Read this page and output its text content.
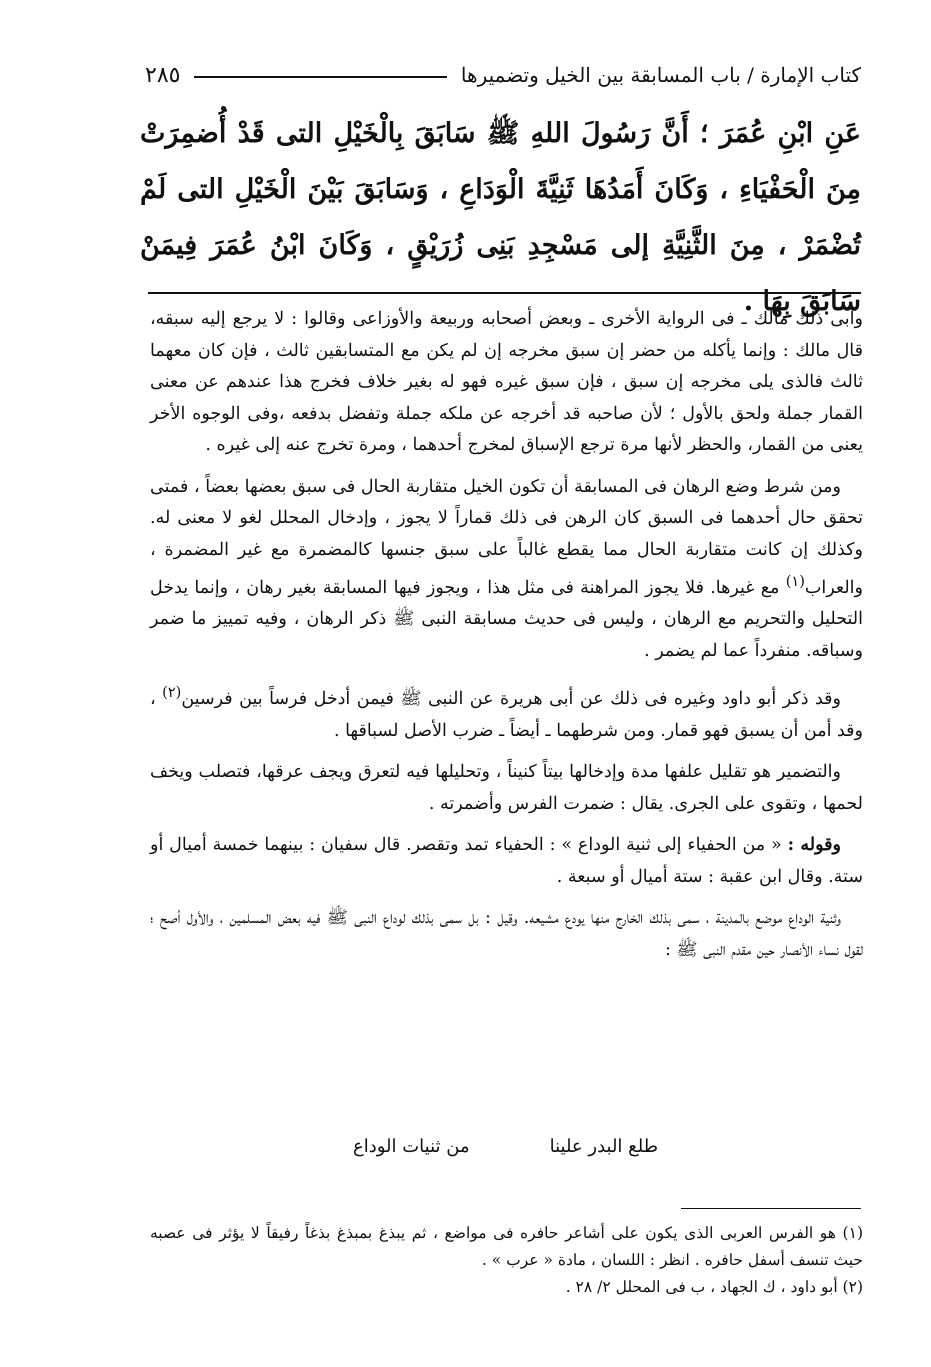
كتاب الإمارة / باب المسابقة بين الخيل وتضميرها
٢٨٥
عَنِ ابْنِ عُمَرَ ؛ أَنَّ رَسُولَ اللهِ ﷺ سَابَقَ بِالْخَيْلِ التى قَدْ أُضمِرَتْ مِنَ الْحَفْيَاءِ ، وَكَانَ أَمَدُهَا ثَنِيَّةَ الْوَدَاعِ ، وَسَابَقَ بَيْنَ الْخَيْلِ التى لَمْ تُضْمَرْ ، مِنَ الثَّنِيَّةِ إلى مَسْجِدِ بَنِى زُرَيْقٍ ، وَكَانَ ابْنُ عُمَرَ فِيمَنْ سَابَقَ بِهَا .

وأبى ذلك مالك ـ فى الرواية الأخرى ـ وبعض أصحابه وربيعة والأوزاعى وقالوا : لا يرجع إليه سبقه، قال مالك : وإنما يأكله من حضر إن سبق مخرجه إن لم يكن مع المتسابقين ثالث ، فإن كان معهما ثالث فالذى يلى مخرجه إن سبق ، فإن سبق غيره فهو له بغير خلاف فخرج هذا عندهم عن معنى القمار جملة ولحق بالأول ؛ لأن صاحبه قد أخرجه عن ملكه جملة وتفضل بدفعه ،وفى الوجوه الأخر يعنى من القمار، والحظر لأنها مرة ترجع الإسباق لمخرج أحدهما ، ومرة تخرج عنه إلى غيره .

ومن شرط وضع الرهان فى المسابقة أن تكون الخيل متقاربة الحال فى سبق بعضها بعضاً ، فمتى تحقق حال أحدهما فى السبق كان الرهن فى ذلك قماراً لا يجوز ، وإدخال المحلل لغو لا معنى له. وكذلك إن كانت متقاربة الحال مما يقطع غالباً على سبق جنسها كالمضمرة مع غير المضمرة ، والعراب$^{(١)}$ مع غيرها. فلا يجوز المراهنة فى مثل هذا ، ويجوز فيها المسابقة بغير رهان ، وإنما يدخل التحليل والتحريم مع الرهان ، وليس فى حديث مسابقة النبى ﷺ ذكر الرهان ، وفيه تمييز ما ضمر وسباقه. منفرداً عما لم يضمر .

وقد ذكر أبو داود وغيره فى ذلك عن أبى هريرة عن النبى ﷺ فيمن أدخل فرساً بين فرسين$^{(٢)}$ ، وقد أمن أن يسبق فهو قمار. ومن شرطهما ـ أيضاً ـ ضرب الأصل لسباقها .

والتضمير هو تقليل علفها مدة وإدخالها بيتاً كنيناً ، وتحليلها فيه لتعرق ويجف عرقها، فتصلب ويخف لحمها ، وتقوى على الجرى. يقال : ضمرت الفرس وأضمرته .

وقوله : « من الحفياء إلى ثنية الوداع » : الحفياء تمد وتقصر. قال سفيان : بينهما خمسة أميال أو ستة. وقال ابن عقبة : ستة أميال أو سبعة .

وثنية الوداع موضع بالمدينة ، سمى بذلك الخارج منها يودع مشيعه. وقيل : بل سمى بذلك لوداع النبى ﷺ فيه بعض المسلمين ، والأول أصح ؛ لقول نساء الأنصار حين مقدم النبى ﷺ :

طلع البدر علينا
من ثنيات الوداع

(١) هو الفرس العربى الذى يكون على أشاعر حافره فى مواضع ، ثم يبذغ بمبذغ بذغاً رفيقاً لا يؤثر فى عصبه حيث تنسف أسفل حافره . انظر : اللسان ، مادة « عرب » .

(٢) أبو داود ، ك الجهاد ، ب فى المحلل ٢/ ٢٨ .
